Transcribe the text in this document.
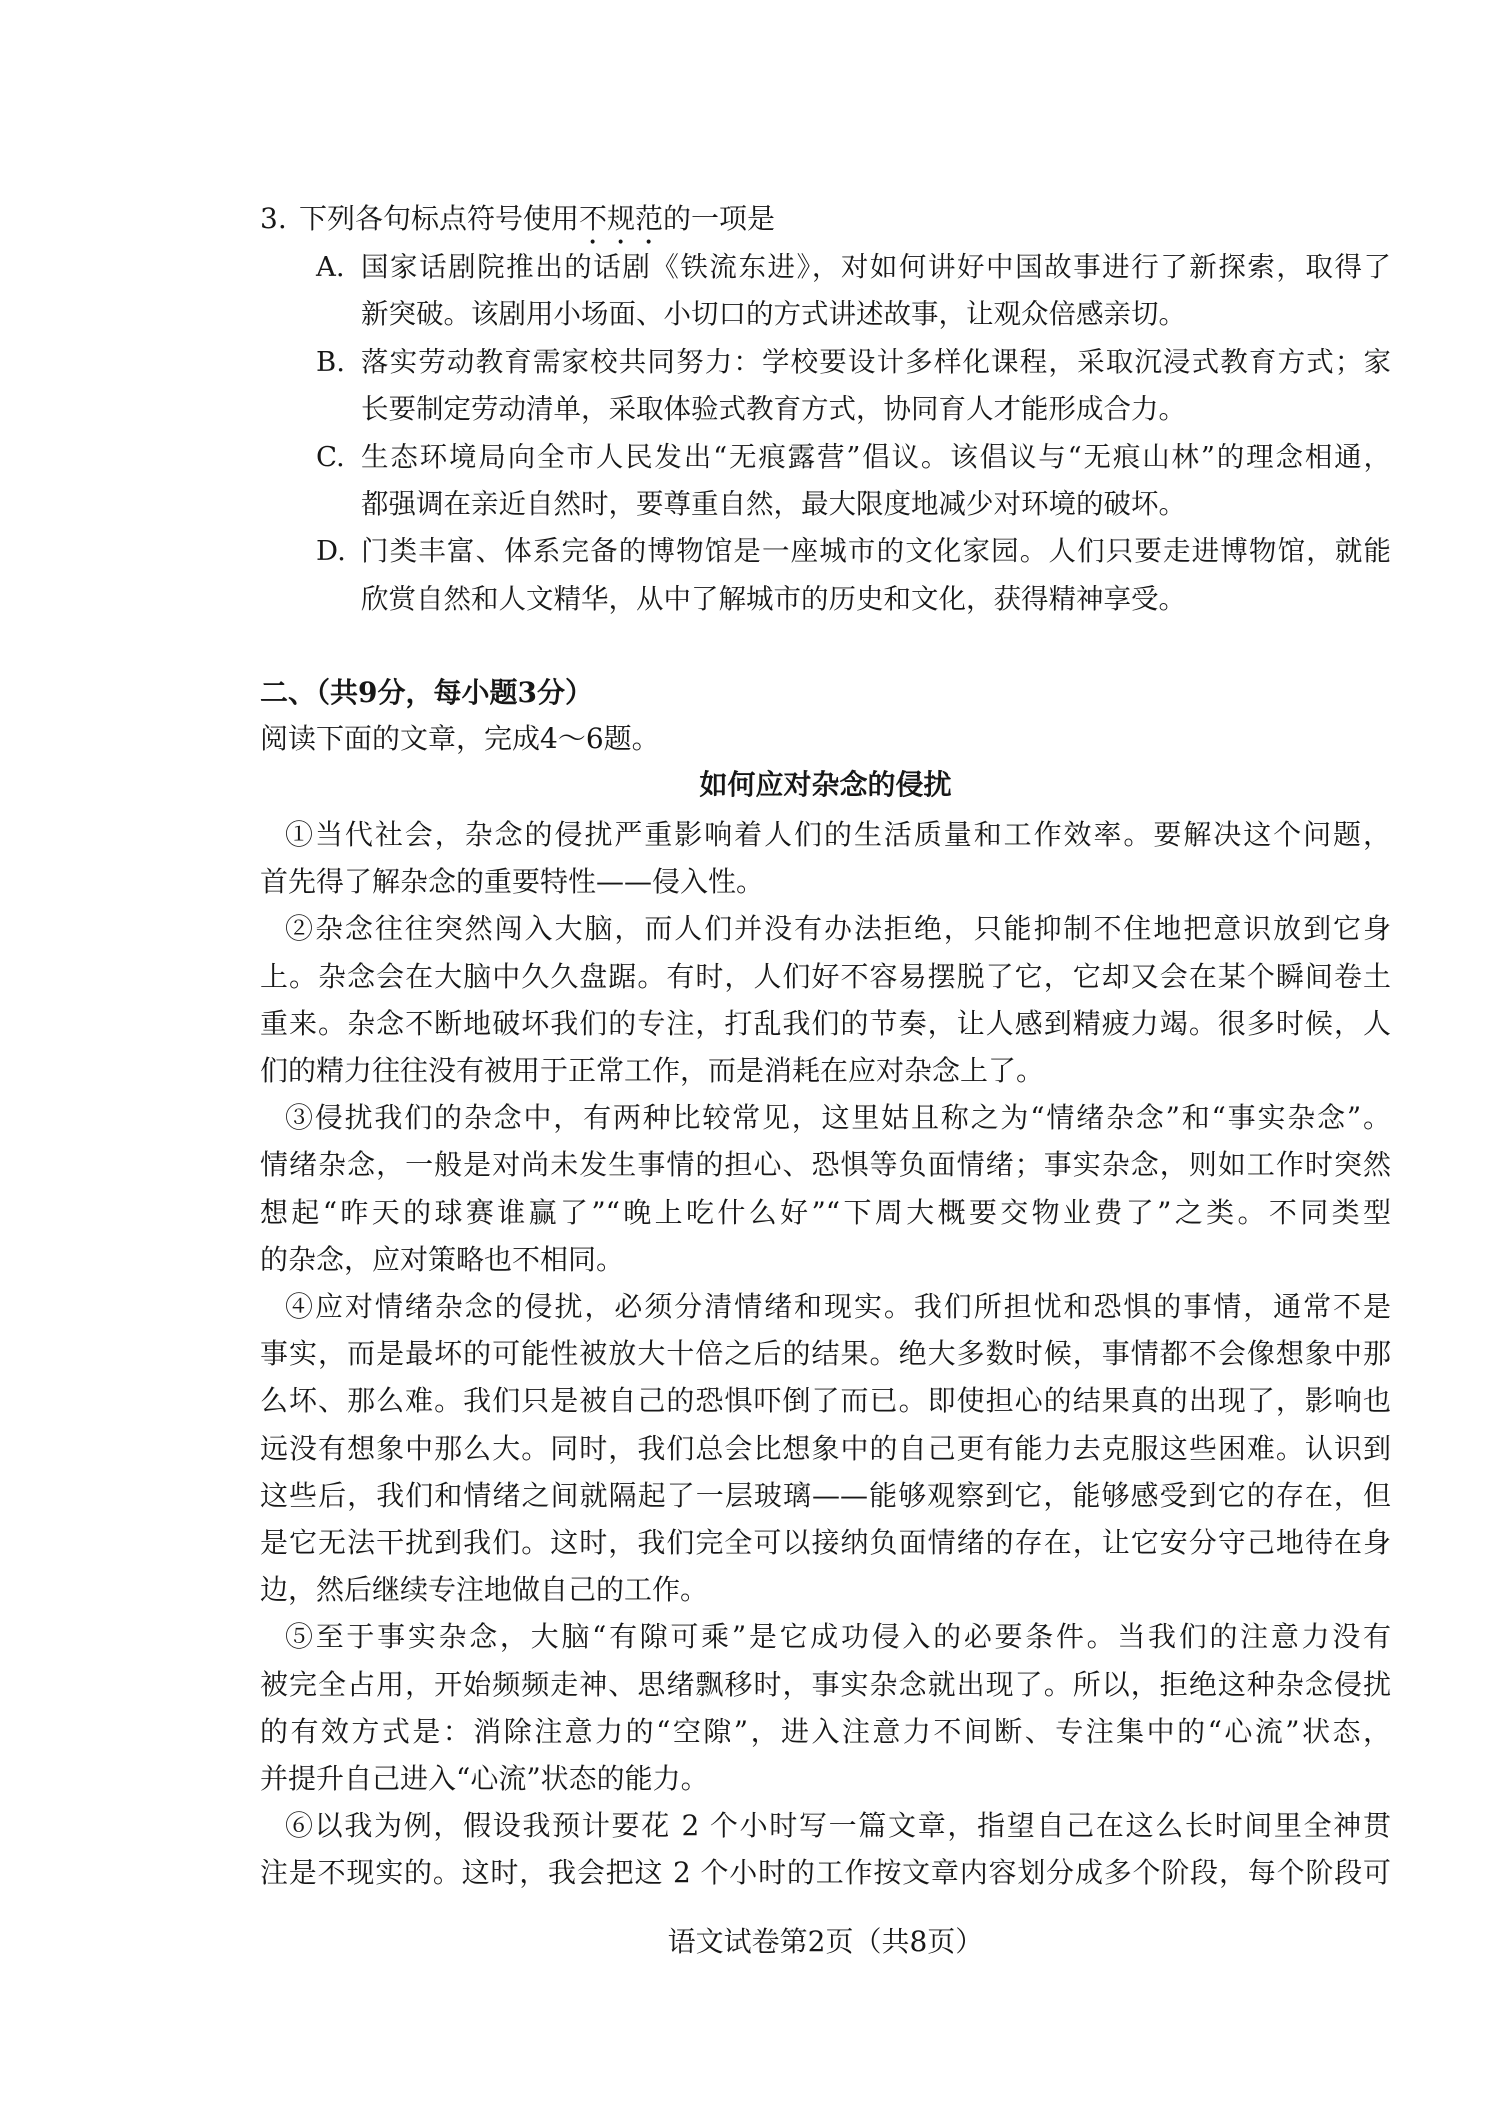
3. 下列各句标点符号使用不规范的一项是
A. 国家话剧院推出的话剧《铁流东进》，对如何讲好中国故事进行了新探索，取得了
新突破。该剧用小场面、小切口的方式讲述故事，让观众倍感亲切。
B. 落实劳动教育需家校共同努力：学校要设计多样化课程，采取沉浸式教育方式；家
长要制定劳动清单，采取体验式教育方式，协同育人才能形成合力。
C. 生态环境局向全市人民发出“无痕露营”倡议。该倡议与“无痕山林”的理念相通，
都强调在亲近自然时，要尊重自然，最大限度地减少对环境的破坏。
D. 门类丰富、体系完备的博物馆是一座城市的文化家园。人们只要走进博物馆，就能
欣赏自然和人文精华，从中了解城市的历史和文化，获得精神享受。
二、（共9分，每小题3分）
阅读下面的文章，完成4～6题。
如何应对杂念的侵扰
①当代社会，杂念的侵扰严重影响着人们的生活质量和工作效率。要解决这个问题，
首先得了解杂念的重要特性——侵入性。
②杂念往往突然闯入大脑，而人们并没有办法拒绝，只能抑制不住地把意识放到它身
上。杂念会在大脑中久久盘踞。有时，人们好不容易摆脱了它，它却又会在某个瞬间卷土
重来。杂念不断地破坏我们的专注，打乱我们的节奏，让人感到精疲力竭。很多时候，人
们的精力往往没有被用于正常工作，而是消耗在应对杂念上了。
③侵扰我们的杂念中，有两种比较常见，这里姑且称之为“情绪杂念”和“事实杂念”。
情绪杂念，一般是对尚未发生事情的担心、恐惧等负面情绪；事实杂念，则如工作时突然
想起“昨天的球赛谁赢了”“晚上吃什么好”“下周大概要交物业费了”之类。不同类型
的杂念，应对策略也不相同。
④应对情绪杂念的侵扰，必须分清情绪和现实。我们所担忧和恐惧的事情，通常不是
事实，而是最坏的可能性被放大十倍之后的结果。绝大多数时候，事情都不会像想象中那
么坏、那么难。我们只是被自己的恐惧吓倒了而已。即使担心的结果真的出现了，影响也
远没有想象中那么大。同时，我们总会比想象中的自己更有能力去克服这些困难。认识到
这些后，我们和情绪之间就隔起了一层玻璃——能够观察到它，能够感受到它的存在，但
是它无法干扰到我们。这时，我们完全可以接纳负面情绪的存在，让它安分守己地待在身
边，然后继续专注地做自己的工作。
⑤至于事实杂念，大脑“有隙可乘”是它成功侵入的必要条件。当我们的注意力没有
被完全占用，开始频频走神、思绪飘移时，事实杂念就出现了。所以，拒绝这种杂念侵扰
的有效方式是：消除注意力的“空隙”，进入注意力不间断、专注集中的“心流”状态，
并提升自己进入“心流”状态的能力。
⑥以我为例，假设我预计要花 2 个小时写一篇文章，指望自己在这么长时间里全神贯
注是不现实的。这时，我会把这 2 个小时的工作按文章内容划分成多个阶段，每个阶段可
语文试卷第2页（共8页）
